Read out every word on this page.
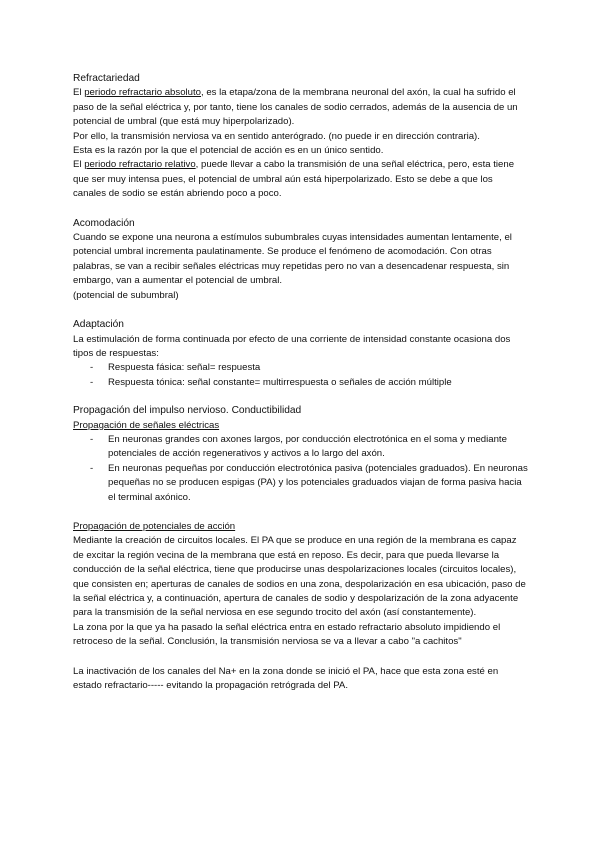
Refractariedad

El periodo refractario absoluto, es la etapa/zona de la membrana neuronal del axón, la cual ha sufrido el paso de la señal eléctrica y, por tanto, tiene los canales de sodio cerrados, además de la ausencia de un potencial de umbral (que está muy hiperpolarizado).

Por ello, la transmisión nerviosa va en sentido anterógrado. (no puede ir en dirección contraria).

Esta es la razón por la que el potencial de acción es en un único sentido.

El periodo refractario relativo, puede llevar a cabo la transmisión de una señal eléctrica, pero, esta tiene que ser muy intensa pues, el potencial de umbral aún está hiperpolarizado. Esto se debe a que los canales de sodio se están abriendo poco a poco.

Acomodación

Cuando se expone una neurona a estímulos subumbrales cuyas intensidades aumentan lentamente, el potencial umbral incrementa paulatinamente. Se produce el fenómeno de acomodación. Con otras palabras, se van a recibir señales eléctricas muy repetidas pero no van a desencadenar respuesta, sin embargo, van a aumentar el potencial de umbral.

(potencial de subumbral)

Adaptación

La estimulación de forma continuada por efecto de una corriente de intensidad constante ocasiona dos tipos de respuestas:

- Respuesta fásica: señal= respuesta
- Respuesta tónica: señal constante= multirrespuesta o señales de acción múltiple

Propagación del impulso nervioso. Conductibilidad

Propagación de señales eléctricas

- En neuronas grandes con axones largos, por conducción electrotónica en el soma y mediante potenciales de acción regenerativos y activos a lo largo del axón.
- En neuronas pequeñas por conducción electrotónica pasiva (potenciales graduados). En neuronas pequeñas no se producen espigas (PA) y los potenciales graduados viajan de forma pasiva hacia el terminal axónico.

Propagación de potenciales de acción

Mediante la creación de circuitos locales. El PA que se produce en una región de la membrana es capaz de excitar la región vecina de la membrana que está en reposo. Es decir, para que pueda llevarse la conducción de la señal eléctrica, tiene que producirse unas despolarizaciones locales (circuitos locales), que consisten en; aperturas de canales de sodios en una zona, despolarización en esa ubicación, paso de la señal eléctrica y, a continuación, apertura de canales de sodio y despolarización de la zona adyacente para la transmisión de la señal nerviosa en ese segundo trocito del axón (así constantemente).

La zona por la que ya ha pasado la señal eléctrica entra en estado refractario absoluto impidiendo el retroceso de la señal. Conclusión, la transmisión nerviosa se va a llevar a cabo "a cachitos"

La inactivación de los canales del Na+ en la zona donde se inició el PA, hace que esta zona esté en estado refractario----- evitando la propagación retrógrada del PA.
